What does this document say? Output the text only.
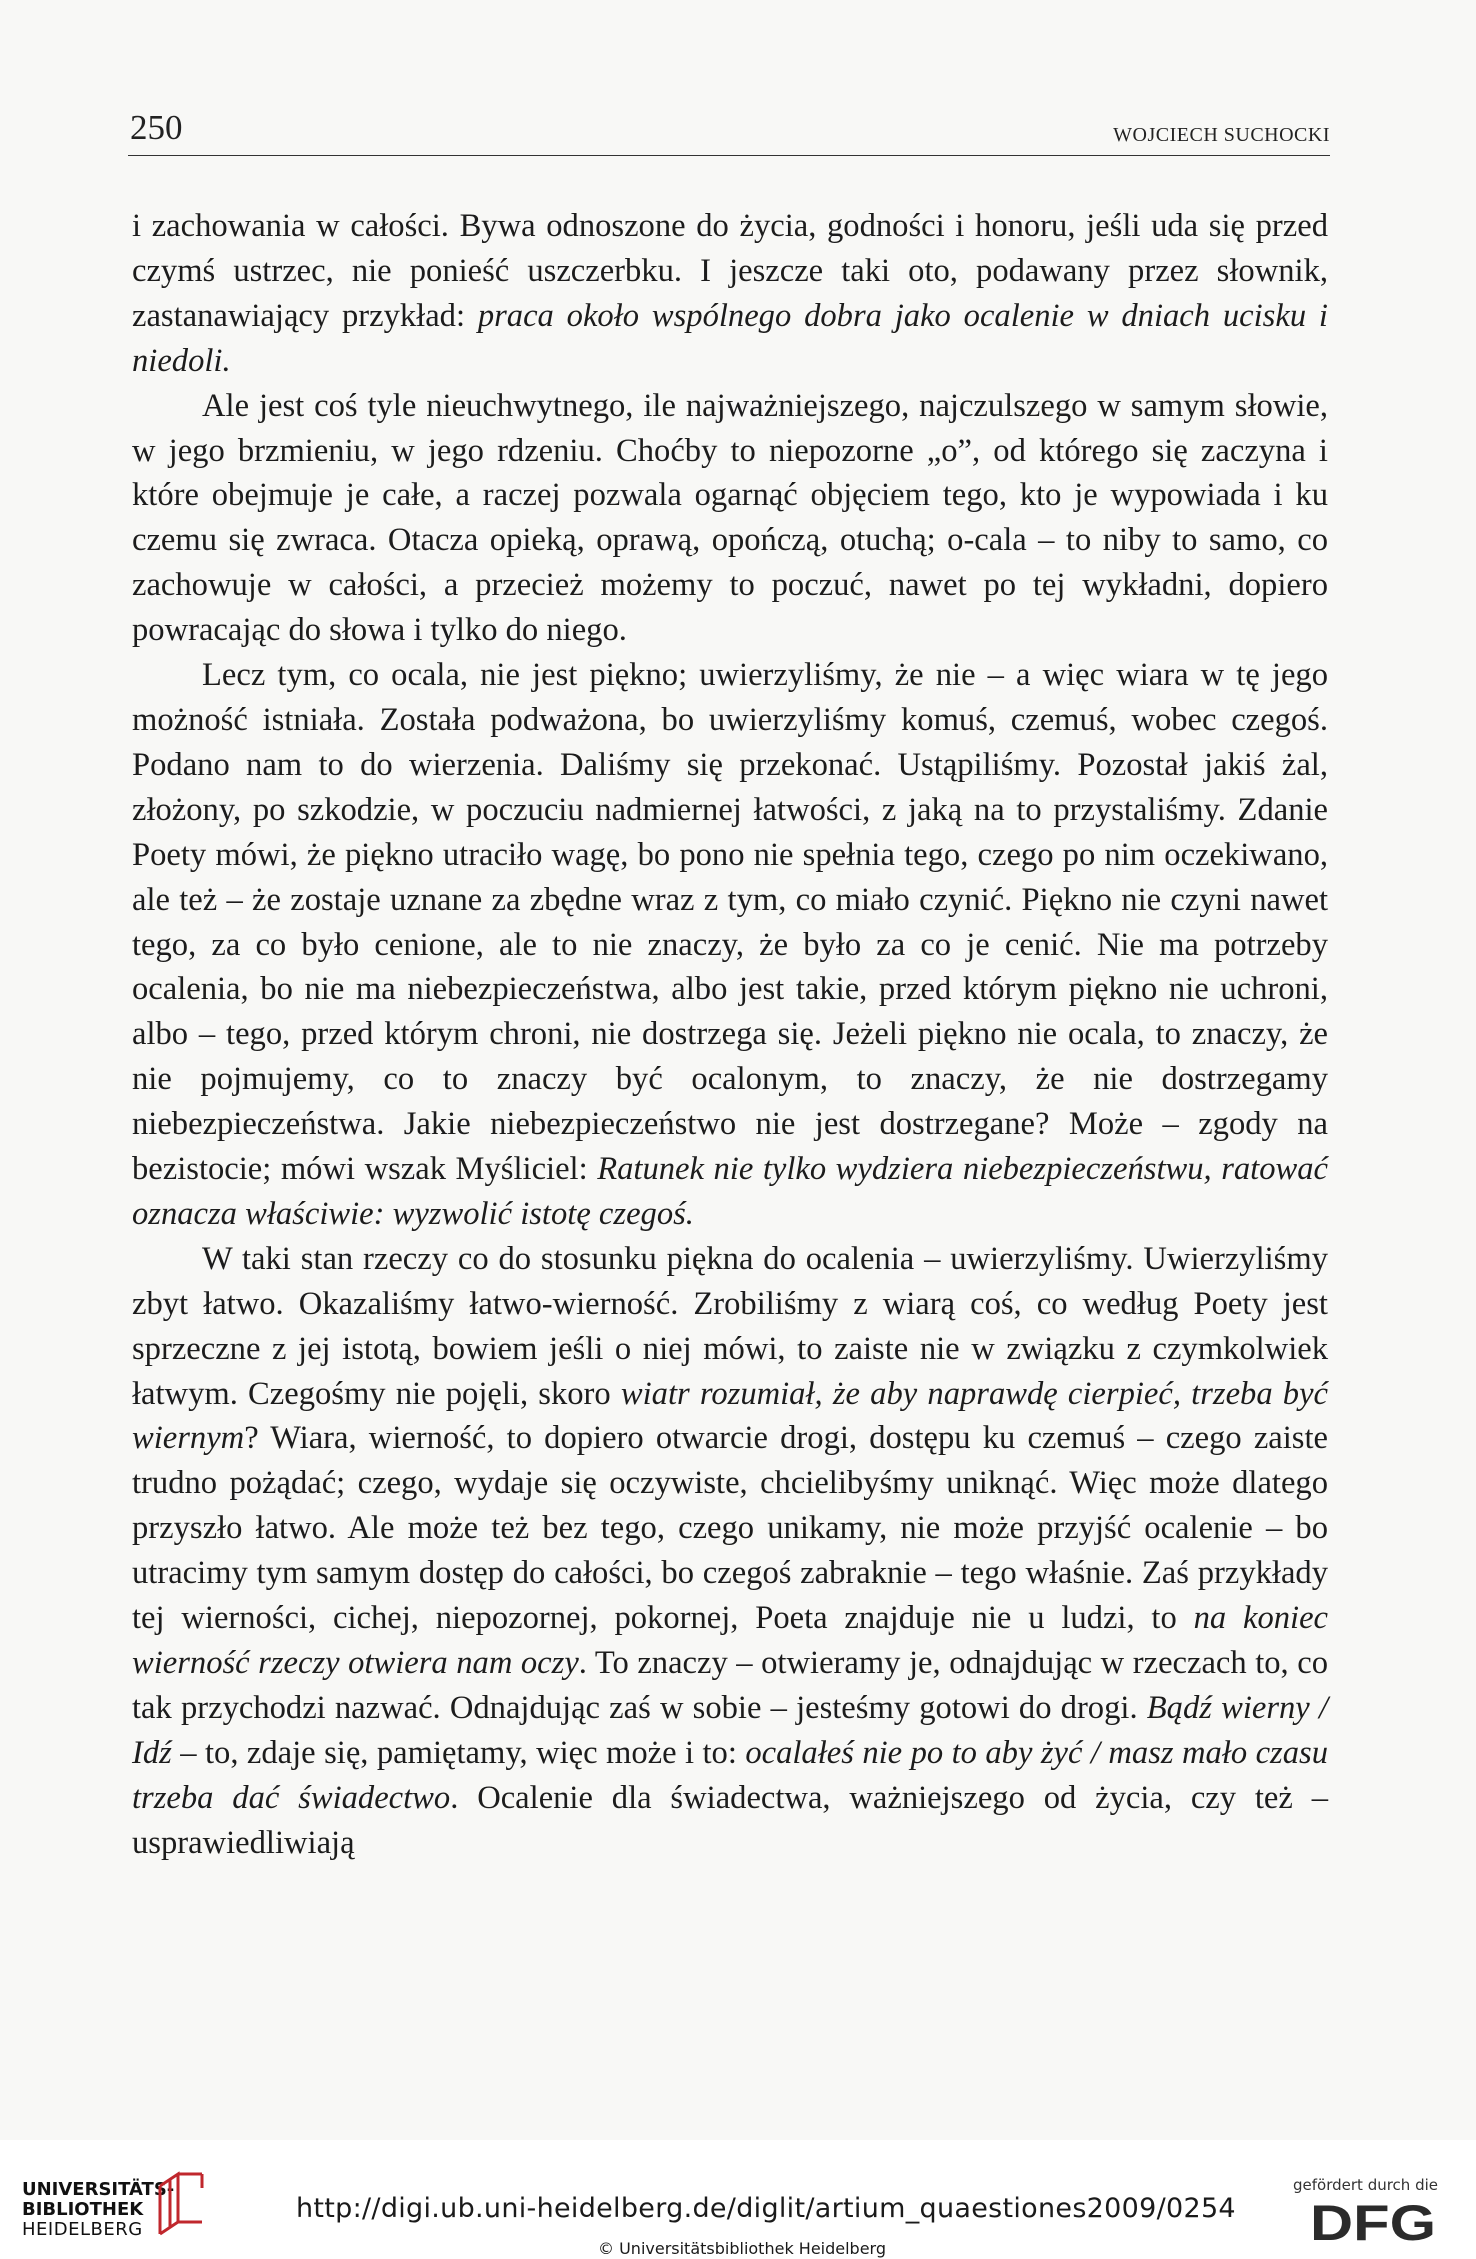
250	WOJCIECH SUCHOCKI

i zachowania w całości. Bywa odnoszone do życia, godności i honoru, jeśli uda się przed czymś ustrzec, nie ponieść uszczerbku. I jeszcze taki oto, podawany przez słownik, zastanawiający przykład: praca około wspólnego dobra jako ocalenie w dniach ucisku i niedoli.

Ale jest coś tyle nieuchwytnego, ile najważniejszego, najczulszego w samym słowie, w jego brzmieniu, w jego rdzeniu. Choćby to niepozorne „o”, od którego się zaczyna i które obejmuje je całe, a raczej pozwala ogarnąć objęciem tego, kto je wypowiada i ku czemu się zwraca. Otacza opieką, oprawą, opończą, otuchą; o-cala – to niby to samo, co zachowuje w całości, a przecież możemy to poczuć, nawet po tej wykładni, dopiero powracając do słowa i tylko do niego.

Lecz tym, co ocala, nie jest piękno; uwierzyliśmy, że nie – a więc wiara w tę jego możność istniała. Została podważona, bo uwierzyliśmy komuś, czemuś, wobec czegoś. Podano nam to do wierzenia. Daliśmy się przekonać. Ustąpiliśmy. Pozostał jakiś żal, złożony, po szkodzie, w poczuciu nadmiernej łatwości, z jaką na to przystaliśmy. Zdanie Poety mówi, że piękno utraciło wagę, bo pono nie spełnia tego, czego po nim oczekiwano, ale też – że zostaje uznane za zbędne wraz z tym, co miało czynić. Piękno nie czyni nawet tego, za co było cenione, ale to nie znaczy, że było za co je cenić. Nie ma potrzeby ocalenia, bo nie ma niebezpieczeństwa, albo jest takie, przed którym piękno nie uchroni, albo – tego, przed którym chroni, nie dostrzega się. Jeżeli piękno nie ocala, to znaczy, że nie pojmujemy, co to znaczy być ocalonym, to znaczy, że nie dostrzegamy niebezpieczeństwa. Jakie niebezpieczeństwo nie jest dostrzegane? Może – zgody na bezistocie; mówi wszak Myśliciel: Ratunek nie tylko wydziera niebezpieczeństwu, ratować oznacza właściwie: wyzwolić istotę czegoś.

W taki stan rzeczy co do stosunku piękna do ocalenia – uwierzyliśmy. Uwierzyliśmy zbyt łatwo. Okazaliśmy łatwo-wierność. Zrobiliśmy z wiarą coś, co według Poety jest sprzeczne z jej istotą, bowiem jeśli o niej mówi, to zaiste nie w związku z czymkolwiek łatwym. Czegośmy nie pojęli, skoro wiatr rozumiał, że aby naprawdę cierpieć, trzeba być wiernym? Wiara, wierność, to dopiero otwarcie drogi, dostępu ku czemuś – czego zaiste trudno pożądać; czego, wydaje się oczywiste, chcielibyśmy uniknąć. Więc może dlatego przyszło łatwo. Ale może też bez tego, czego unikamy, nie może przyjść ocalenie – bo utracimy tym samym dostęp do całości, bo czegoś zabraknie – tego właśnie. Zaś przykłady tej wierności, cichej, niepozornej, pokornej, Poeta znajduje nie u ludzi, to na koniec wierność rzeczy otwiera nam oczy. To znaczy – otwieramy je, odnajdując w rzeczach to, co tak przychodzi nazwać. Odnajdując zaś w sobie – jesteśmy gotowi do drogi. Bądź wierny / Idź – to, zdaje się, pamiętamy, więc może i to: ocalałeś nie po to aby żyć / masz mało czasu trzeba dać świadectwo. Ocalenie dla świadectwa, ważniejszego od życia, czy też – usprawiedliwiają

UNIVERSITÄTS-
BIBLIOTHEK
HEIDELBERG
http://digi.ub.uni-heidelberg.de/diglit/artium_quaestiones2009/0254
© Universitätsbibliothek Heidelberg
gefördert durch die
DFG
